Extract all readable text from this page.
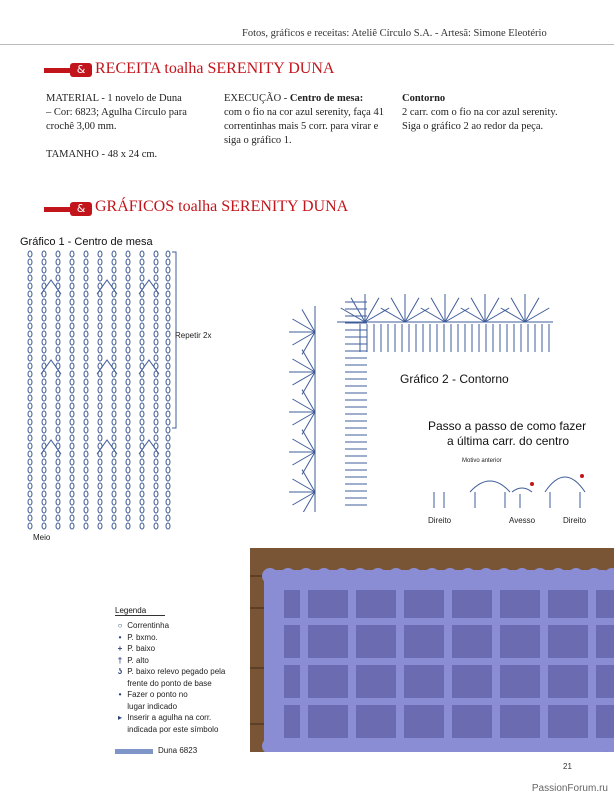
Fotos, gráficos e receitas: Ateliê Círculo S.A. - Artesã: Simone Eleotério
& RECEITA toalha SERENITY DUNA
MATERIAL - 1 novelo de Duna
– Cor: 6823; Agulha Círculo para
crochê 3,00 mm.
TAMANHO - 48 x 24 cm.
EXECUÇÃO - Centro de mesa:
com o fio na cor azul serenity, faça 41
correntinhas mais 5 corr. para virar e
siga o gráfico 1.
Contorno
2 carr. com o fio na cor azul serenity.
Siga o gráfico 2 ao redor da peça.
& GRÁFICOS toalha SERENITY DUNA
Gráfico 1 - Centro de mesa
Repetir 2x
Meio
Gráfico 2 - Contorno
Passo a passo de como fazer
a última carr. do centro
Motivo anterior
Direito	Avesso	Direito
Legenda
○ Correntinha
• P. bxmo.
+ P. baixo
† P. alto
ʖ P. baixo relevo pegado pela
frente do ponto de base
• Fazer o ponto no
lugar indicado
▸ Inserir a agulha na corr.
indicada por este símbolo
Duna 6823
21
PassionForum.ru
